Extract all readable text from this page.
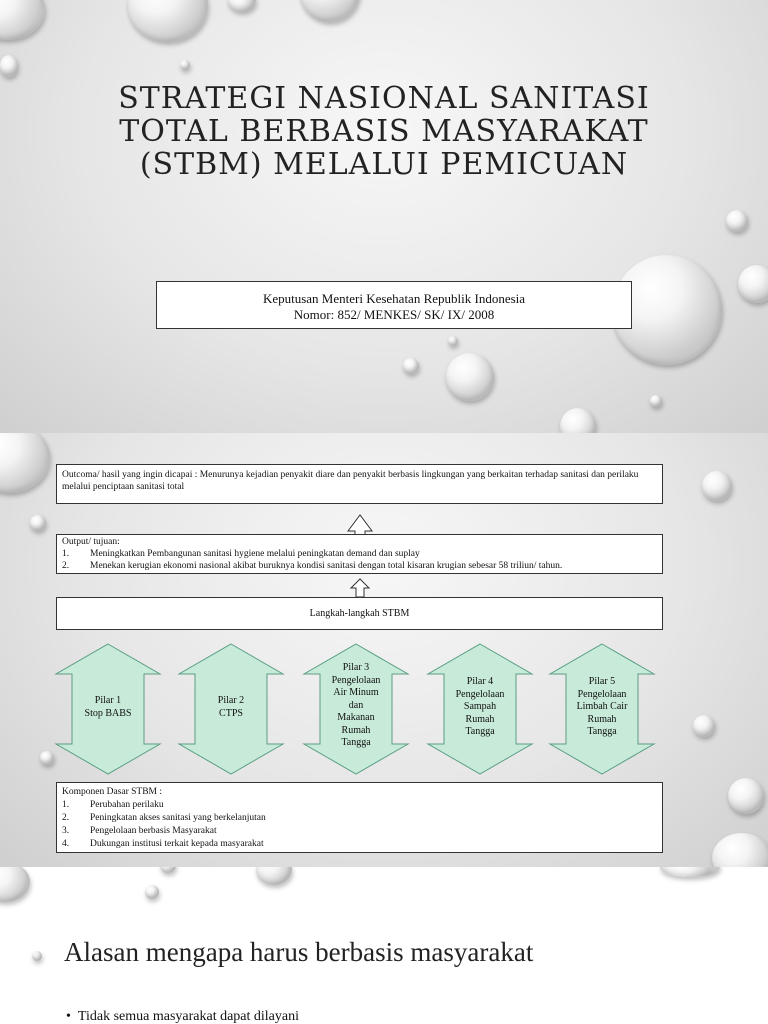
STRATEGI NASIONAL SANITASI TOTAL BERBASIS MASYARAKAT (STBM) MELALUI PEMICUAN
Keputusan Menteri Kesehatan Republik Indonesia
Nomor: 852/ MENKES/ SK/ IX/ 2008
Outcoma/ hasil yang ingin dicapai : Menurunya kejadian penyakit diare dan penyakit berbasis lingkungan yang berkaitan terhadap sanitasi dan perilaku melalui penciptaan sanitasi total
Output/ tujuan:
1. Meningkatkan Pembangunan sanitasi hygiene melalui peningkatan demand dan suplay
2. Menekan kerugian ekonomi nasional akibat buruknya kondisi sanitasi dengan total kisaran krugian sebesar 58 triliun/ tahun.
Langkah-langkah STBM
Pilar 1
Stop BABS
Pilar 2
CTPS
Pilar 3
Pengelolaan
Air Minum
dan
Makanan
Rumah
Tangga
Pilar 4
Pengelolaan
Sampah
Rumah
Tangga
Pilar 5
Pengelolaan
Limbah Cair
Rumah
Tangga
Komponen Dasar STBM :
1. Perubahan perilaku
2. Peningkatan akses sanitasi yang berkelanjutan
3. Pengelolaan berbasis Masyarakat
4. Dukungan institusi terkait kepada masyarakat
Alasan mengapa harus berbasis masyarakat
•  Tidak semua masyarakat dapat dilayani
